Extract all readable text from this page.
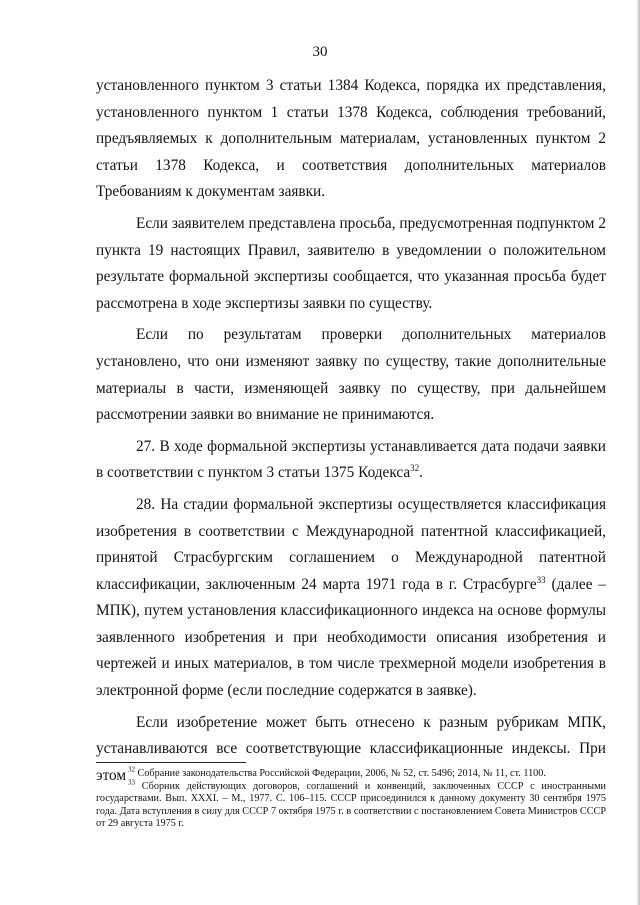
30

установленного пунктом 3 статьи 1384 Кодекса, порядка их представления, установленного пунктом 1 статьи 1378 Кодекса, соблюдения требований, предъявляемых к дополнительным материалам, установленных пунктом 2 статьи 1378 Кодекса, и соответствия дополнительных материалов Требованиям к документам заявки.

Если заявителем представлена просьба, предусмотренная подпунктом 2 пункта 19 настоящих Правил, заявителю в уведомлении о положительном результате формальной экспертизы сообщается, что указанная просьба будет рассмотрена в ходе экспертизы заявки по существу.

Если по результатам проверки дополнительных материалов установлено, что они изменяют заявку по существу, такие дополнительные материалы в части, изменяющей заявку по существу, при дальнейшем рассмотрении заявки во внимание не принимаются.

27. В ходе формальной экспертизы устанавливается дата подачи заявки в соответствии с пунктом 3 статьи 1375 Кодекса$^{32}$.

28. На стадии формальной экспертизы осуществляется классификация изобретения в соответствии с Международной патентной классификацией, принятой Страсбургским соглашением о Международной патентной классификации, заключенным 24 марта 1971 года в г. Страсбурге$^{33}$ (далее – МПК), путем установления классификационного индекса на основе формулы заявленного изобретения и при необходимости описания изобретения и чертежей и иных материалов, в том числе трехмерной модели изобретения в электронной форме (если последние содержатся в заявке).

Если изобретение может быть отнесено к разным рубрикам МПК, устанавливаются все соответствующие классификационные индексы. При этом $^{32}$ Собрание законодательства Российской Федерации, 2006, № 52, ст. 5496; 2014, № 11, ст. 1100.

$^{33}$ Сборник действующих договоров, соглашений и конвенций, заключенных СССР с иностранными государствами. Вып. XXXI. – М., 1977. С. 106–115. СССР присоединился к данному документу 30 сентября 1975 года. Дата вступления в силу для СССР 7 октября 1975 г. в соответствии с постановлением Совета Министров СССР от 29 августа 1975 г.
